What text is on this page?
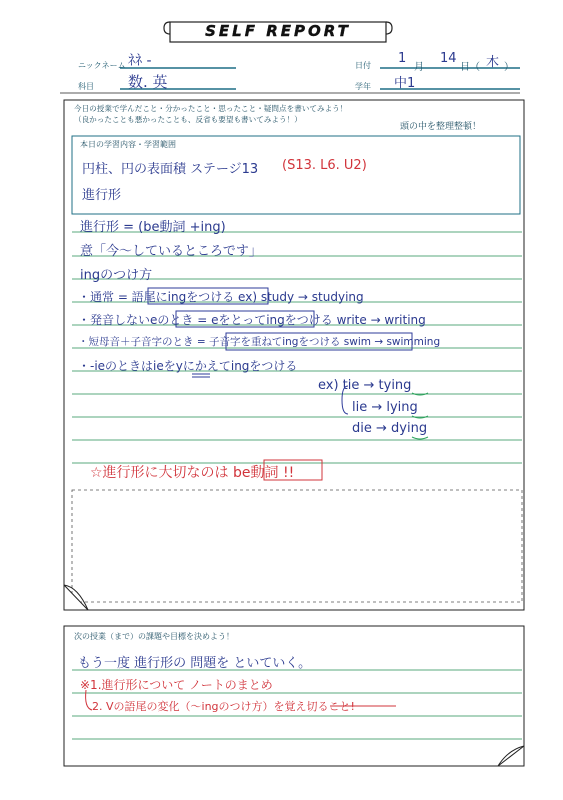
SELF REPORT
ニックネーム ﾈﾈ -
科目 数. 英
日付 1
月
14
日（ 木 ）
学年 中1
今日の授業で学んだこと・分かったこと・思ったこと・疑問点を書いてみよう！
（良かったことも悪かったことも、反省も要望も書いてみよう！）
頭の中を整理整頓！
本日の学習内容・学習範囲
円柱、円の表面積 ステージ13 (S13. L6. U2)
進行形
進行形 = (be動詞 +ing)
意「今～しているところです」
ingのつけ方
・通常 = 語尾にingをつける ex) study → studying
・発音しないeのとき = eをとってingをつける write → writing
・短母音＋子音字のとき = 子音字を重ねてingをつける swim → swimming
・-ieのときはieをyにかえてingをつける
ex) tie → tying
lie → lying
die → dying
☆進行形に大切なのは be動詞 !!
次の授業（まで）の課題や目標を決めよう！
もう一度 進行形の 問題を といていく。
※1.進行形について ノートのまとめ
2. Vの語尾の変化（～ingのつけ方）を覚え切ること!
